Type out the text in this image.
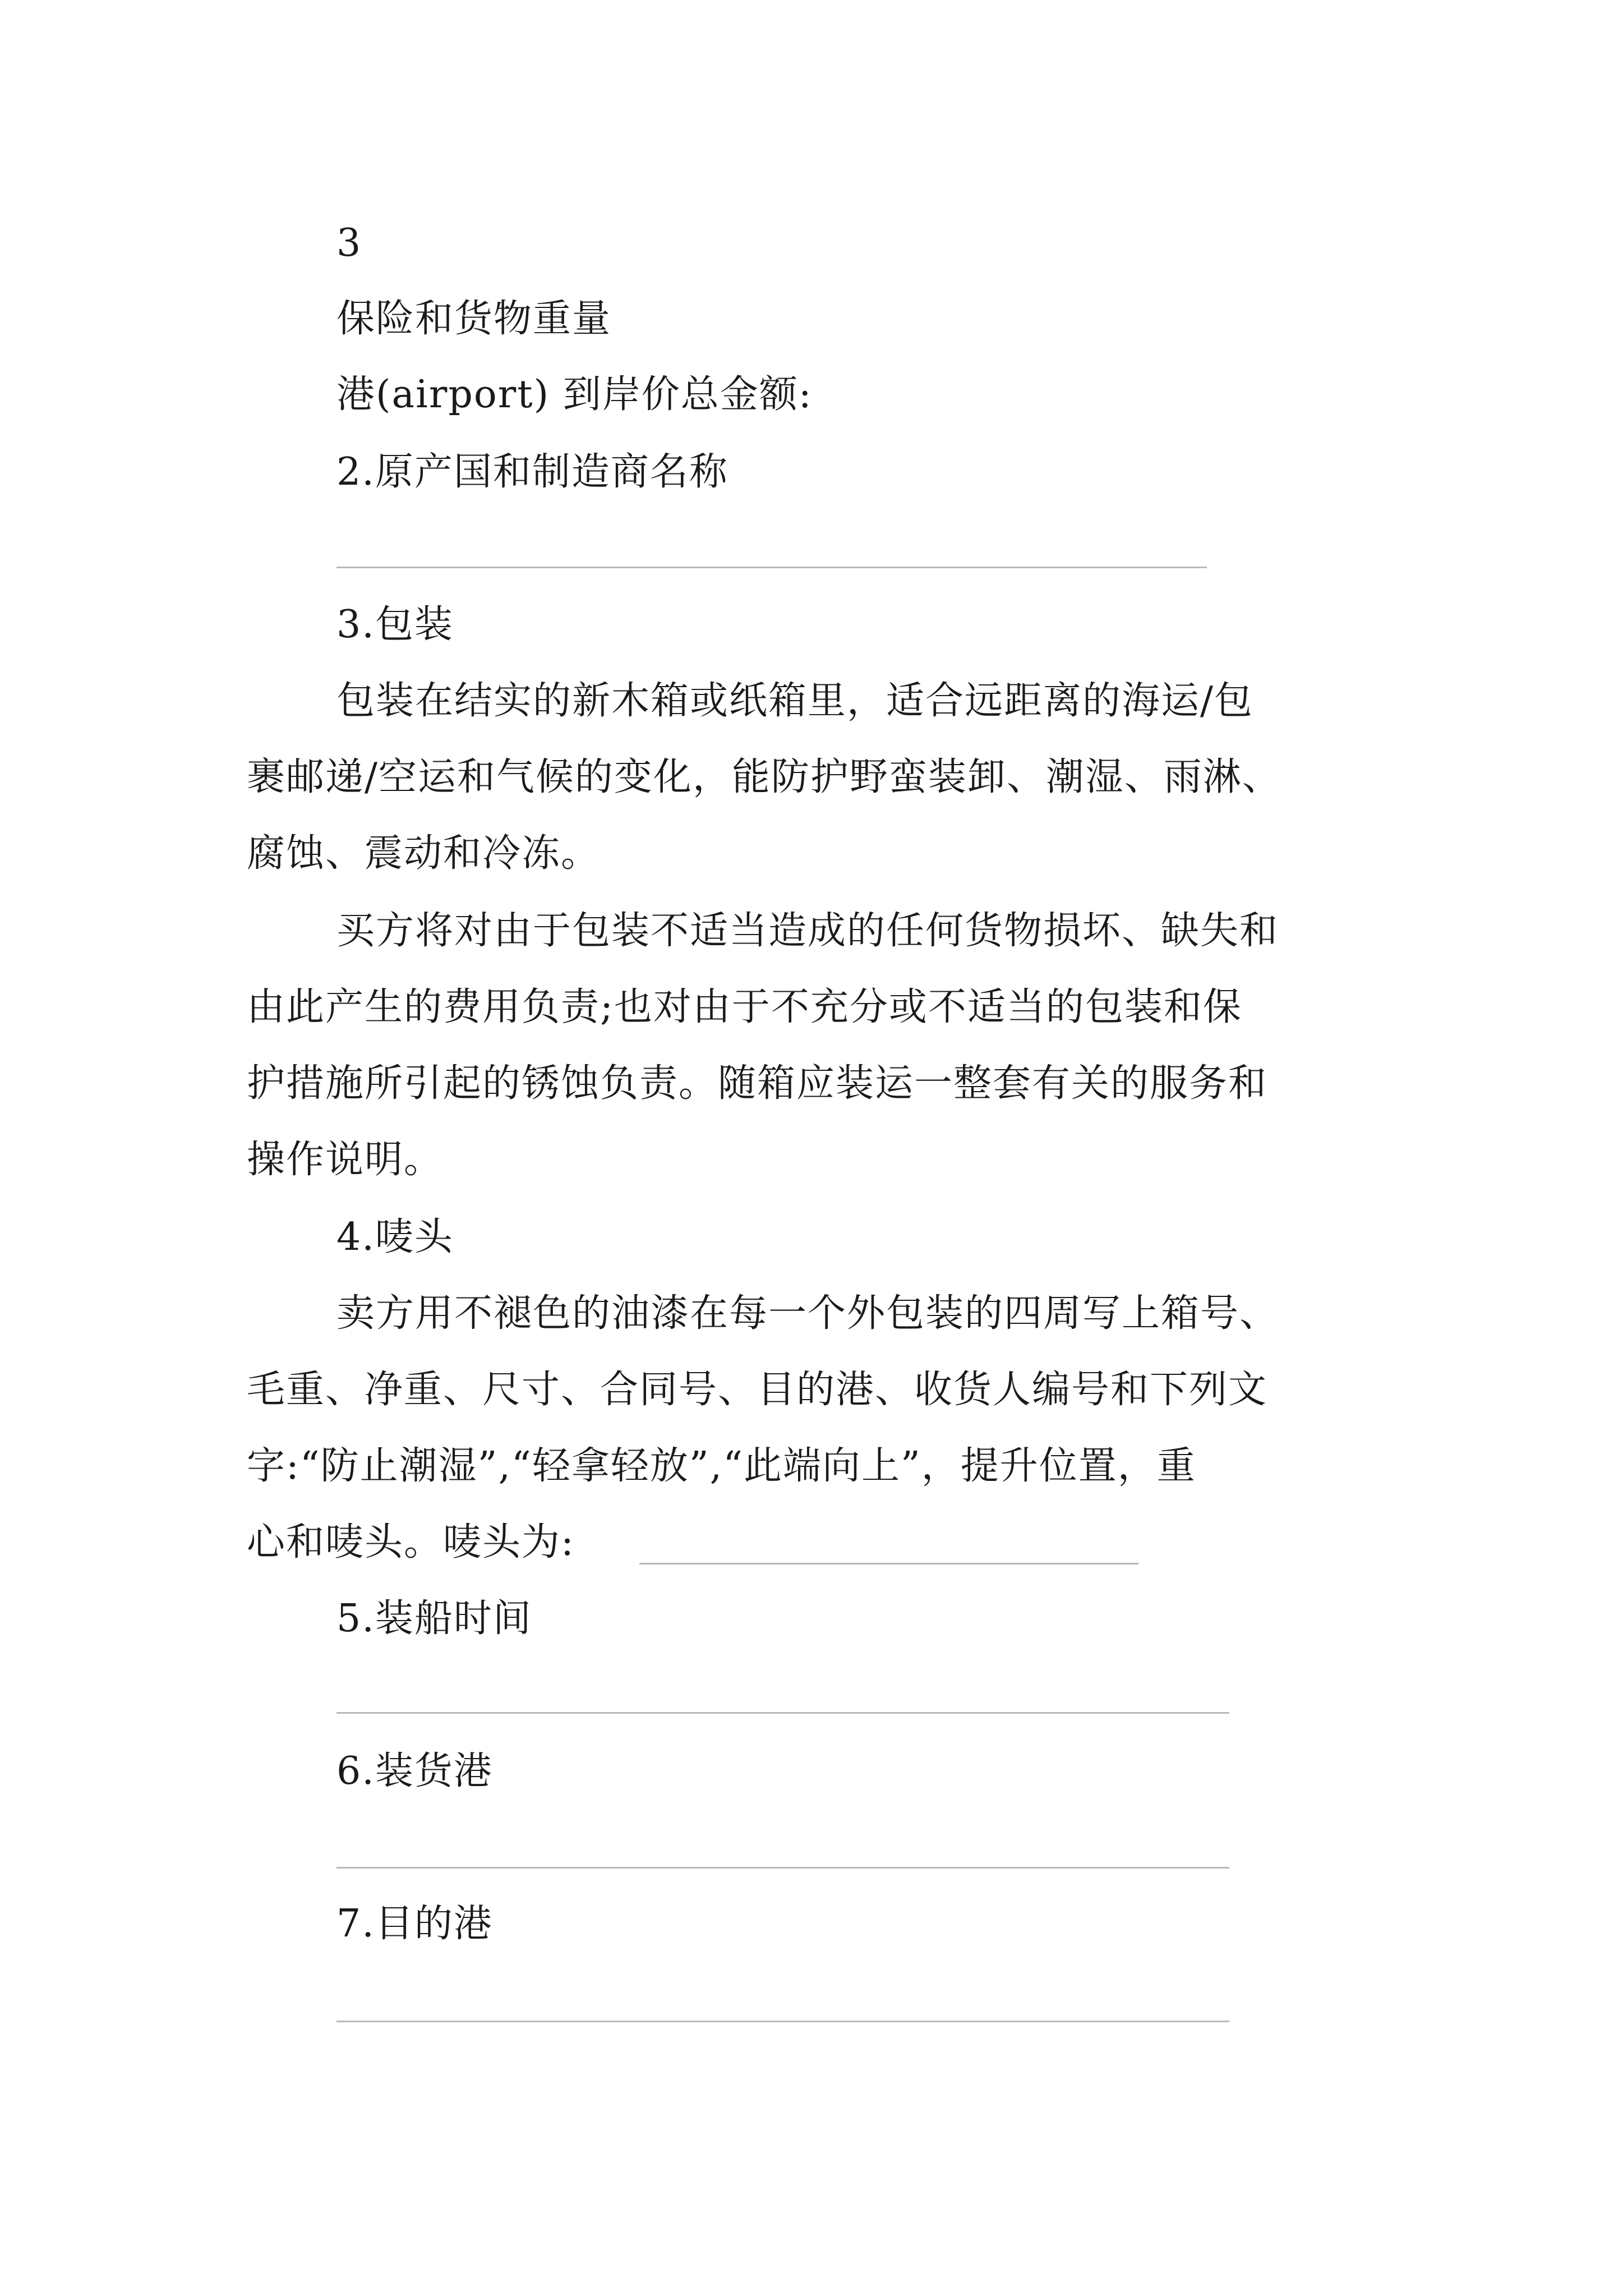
3
保险和货物重量
港(airport) 到岸价总金额:
2.原产国和制造商名称
3.包装
包装在结实的新木箱或纸箱里，适合远距离的海运/包
裹邮递/空运和气候的变化，能防护野蛮装卸、潮湿、雨淋、
腐蚀、震动和冷冻。
买方将对由于包装不适当造成的任何货物损坏、缺失和
由此产生的费用负责;也对由于不充分或不适当的包装和保
护措施所引起的锈蚀负责。随箱应装运一整套有关的服务和
操作说明。
4.唛头
卖方用不褪色的油漆在每一个外包装的四周写上箱号、
毛重、净重、尺寸、合同号、目的港、收货人编号和下列文
字:“防止潮湿”,“轻拿轻放”,“此端向上”，提升位置，重
心和唛头。唛头为:
5.装船时间
6.装货港
7.目的港
